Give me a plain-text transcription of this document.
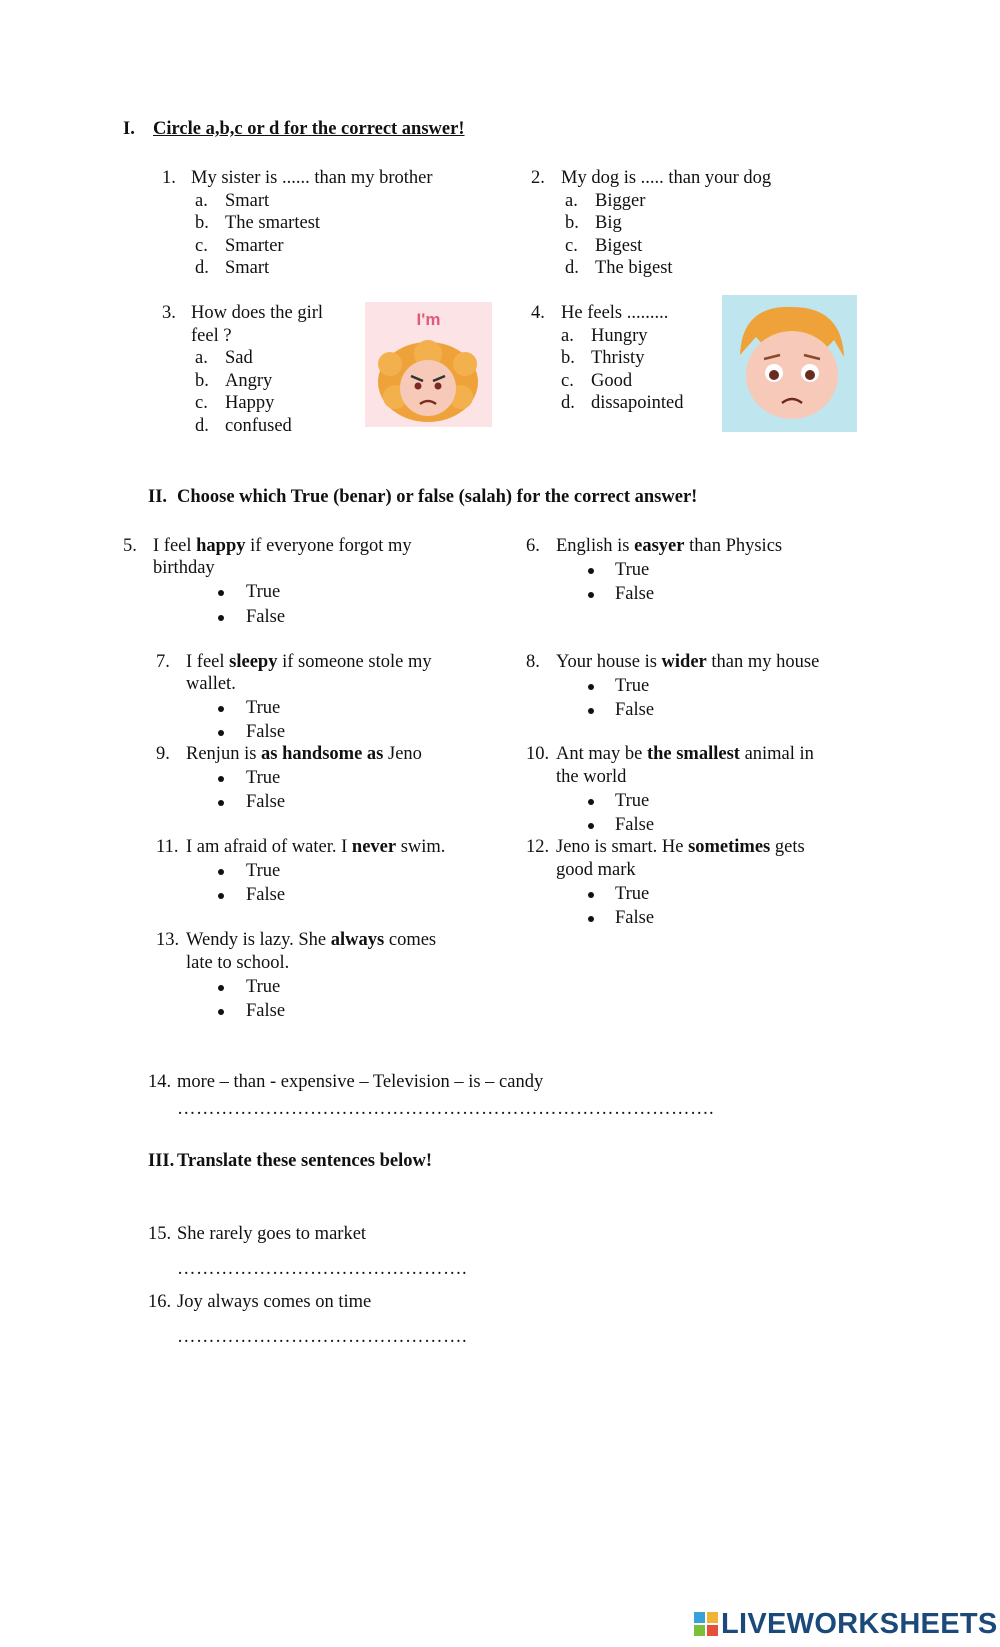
I. Circle a,b,c or d for the correct answer!
1. My sister is ...... than my brother
a. Smart
b. The smartest
c. Smarter
d. Smart
2. My dog is ..... than your dog
a. Bigger
b. Big
c. Bigest
d. The bigest
3. How does the girl
feel ?
a. Sad
b. Angry
c. Happy
d. confused
I'm	4. He feels .........
a. Hungry
b. Thristy
c. Good
d. dissapointed
II. Choose which True (benar) or false (salah) for the correct answer!
5. I feel happy if everyone forgot my
birthday
True
False
6. English is easyer than Physics
True
False
7. I feel sleepy if someone stole my
wallet.
True
False
8. Your house is wider than my house
True
False
9. Renjun is as handsome as Jeno
True
False
10. Ant may be the smallest animal in
the world
True
False
11. I am afraid of water. I never swim.
True
False
12. Jeno is smart. He sometimes gets
good mark
True
False
13. Wendy is lazy. She always comes
late to school.
True
False
14. more – than - expensive – Television – is – candy
………………………………………………………………………….
III. Translate these sentences below!
15. She rarely goes to market
……………………………………….
16. Joy always comes on time
……………………………………….
LIVEWORKSHEETS
